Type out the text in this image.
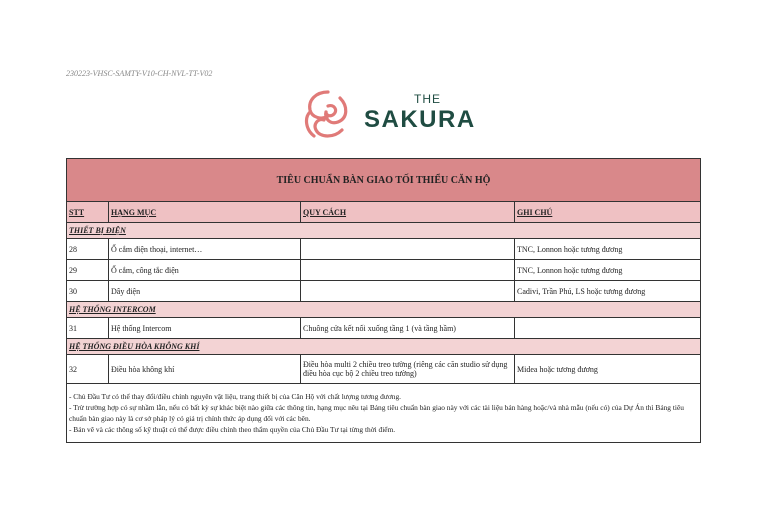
230223-VHSC-SAMTY-V10-CH-NVL-TT-V02
THE
SAKURA
TIÊU CHUẨN BÀN GIAO TỐI THIỂU CĂN HỘ			
STT	HẠNG MỤC	QUY CÁCH	GHI CHÚ
THIẾT BỊ ĐIỆN			
28	Ổ cắm điện thoại, internet…		TNC, Lonnon hoặc tương đương
29	Ổ cắm, công tắc điện		TNC, Lonnon hoặc tương đương
30	Dây điện		Cadivi, Trần Phú, LS hoặc tương đương
HỆ THỐNG INTERCOM			
31	Hệ thống Intercom	Chuông cửa kết nối xuống tầng 1 (và tầng hầm)	
HỆ THỐNG ĐIỀU HÒA KHÔNG KHÍ			
32	Điều hòa không khí	Điều hòa multi 2 chiều treo tường (riêng các căn studio sử dụng điều hòa cục bộ 2 chiều treo tường)	Midea hoặc tương đương

- Chủ Đầu Tư có thể thay đổi/điều chỉnh nguyên vật liệu, trang thiết bị của Căn Hộ với chất lượng tương đương.
- Trừ trường hợp có sự nhầm lẫn, nếu có bất kỳ sự khác biệt nào giữa các thông tin, hạng mục nêu tại Bảng tiêu chuẩn bàn giao này với các tài liệu bán hàng hoặc/và nhà mẫu (nếu có) của Dự Án thì Bảng tiêu chuẩn bàn giao này là cơ sở pháp lý có giá trị chính thức áp dụng đối với các bên.
- Bản vẽ và các thông số kỹ thuật có thể được điều chỉnh theo thẩm quyền của Chủ Đầu Tư tại từng thời điểm.			
